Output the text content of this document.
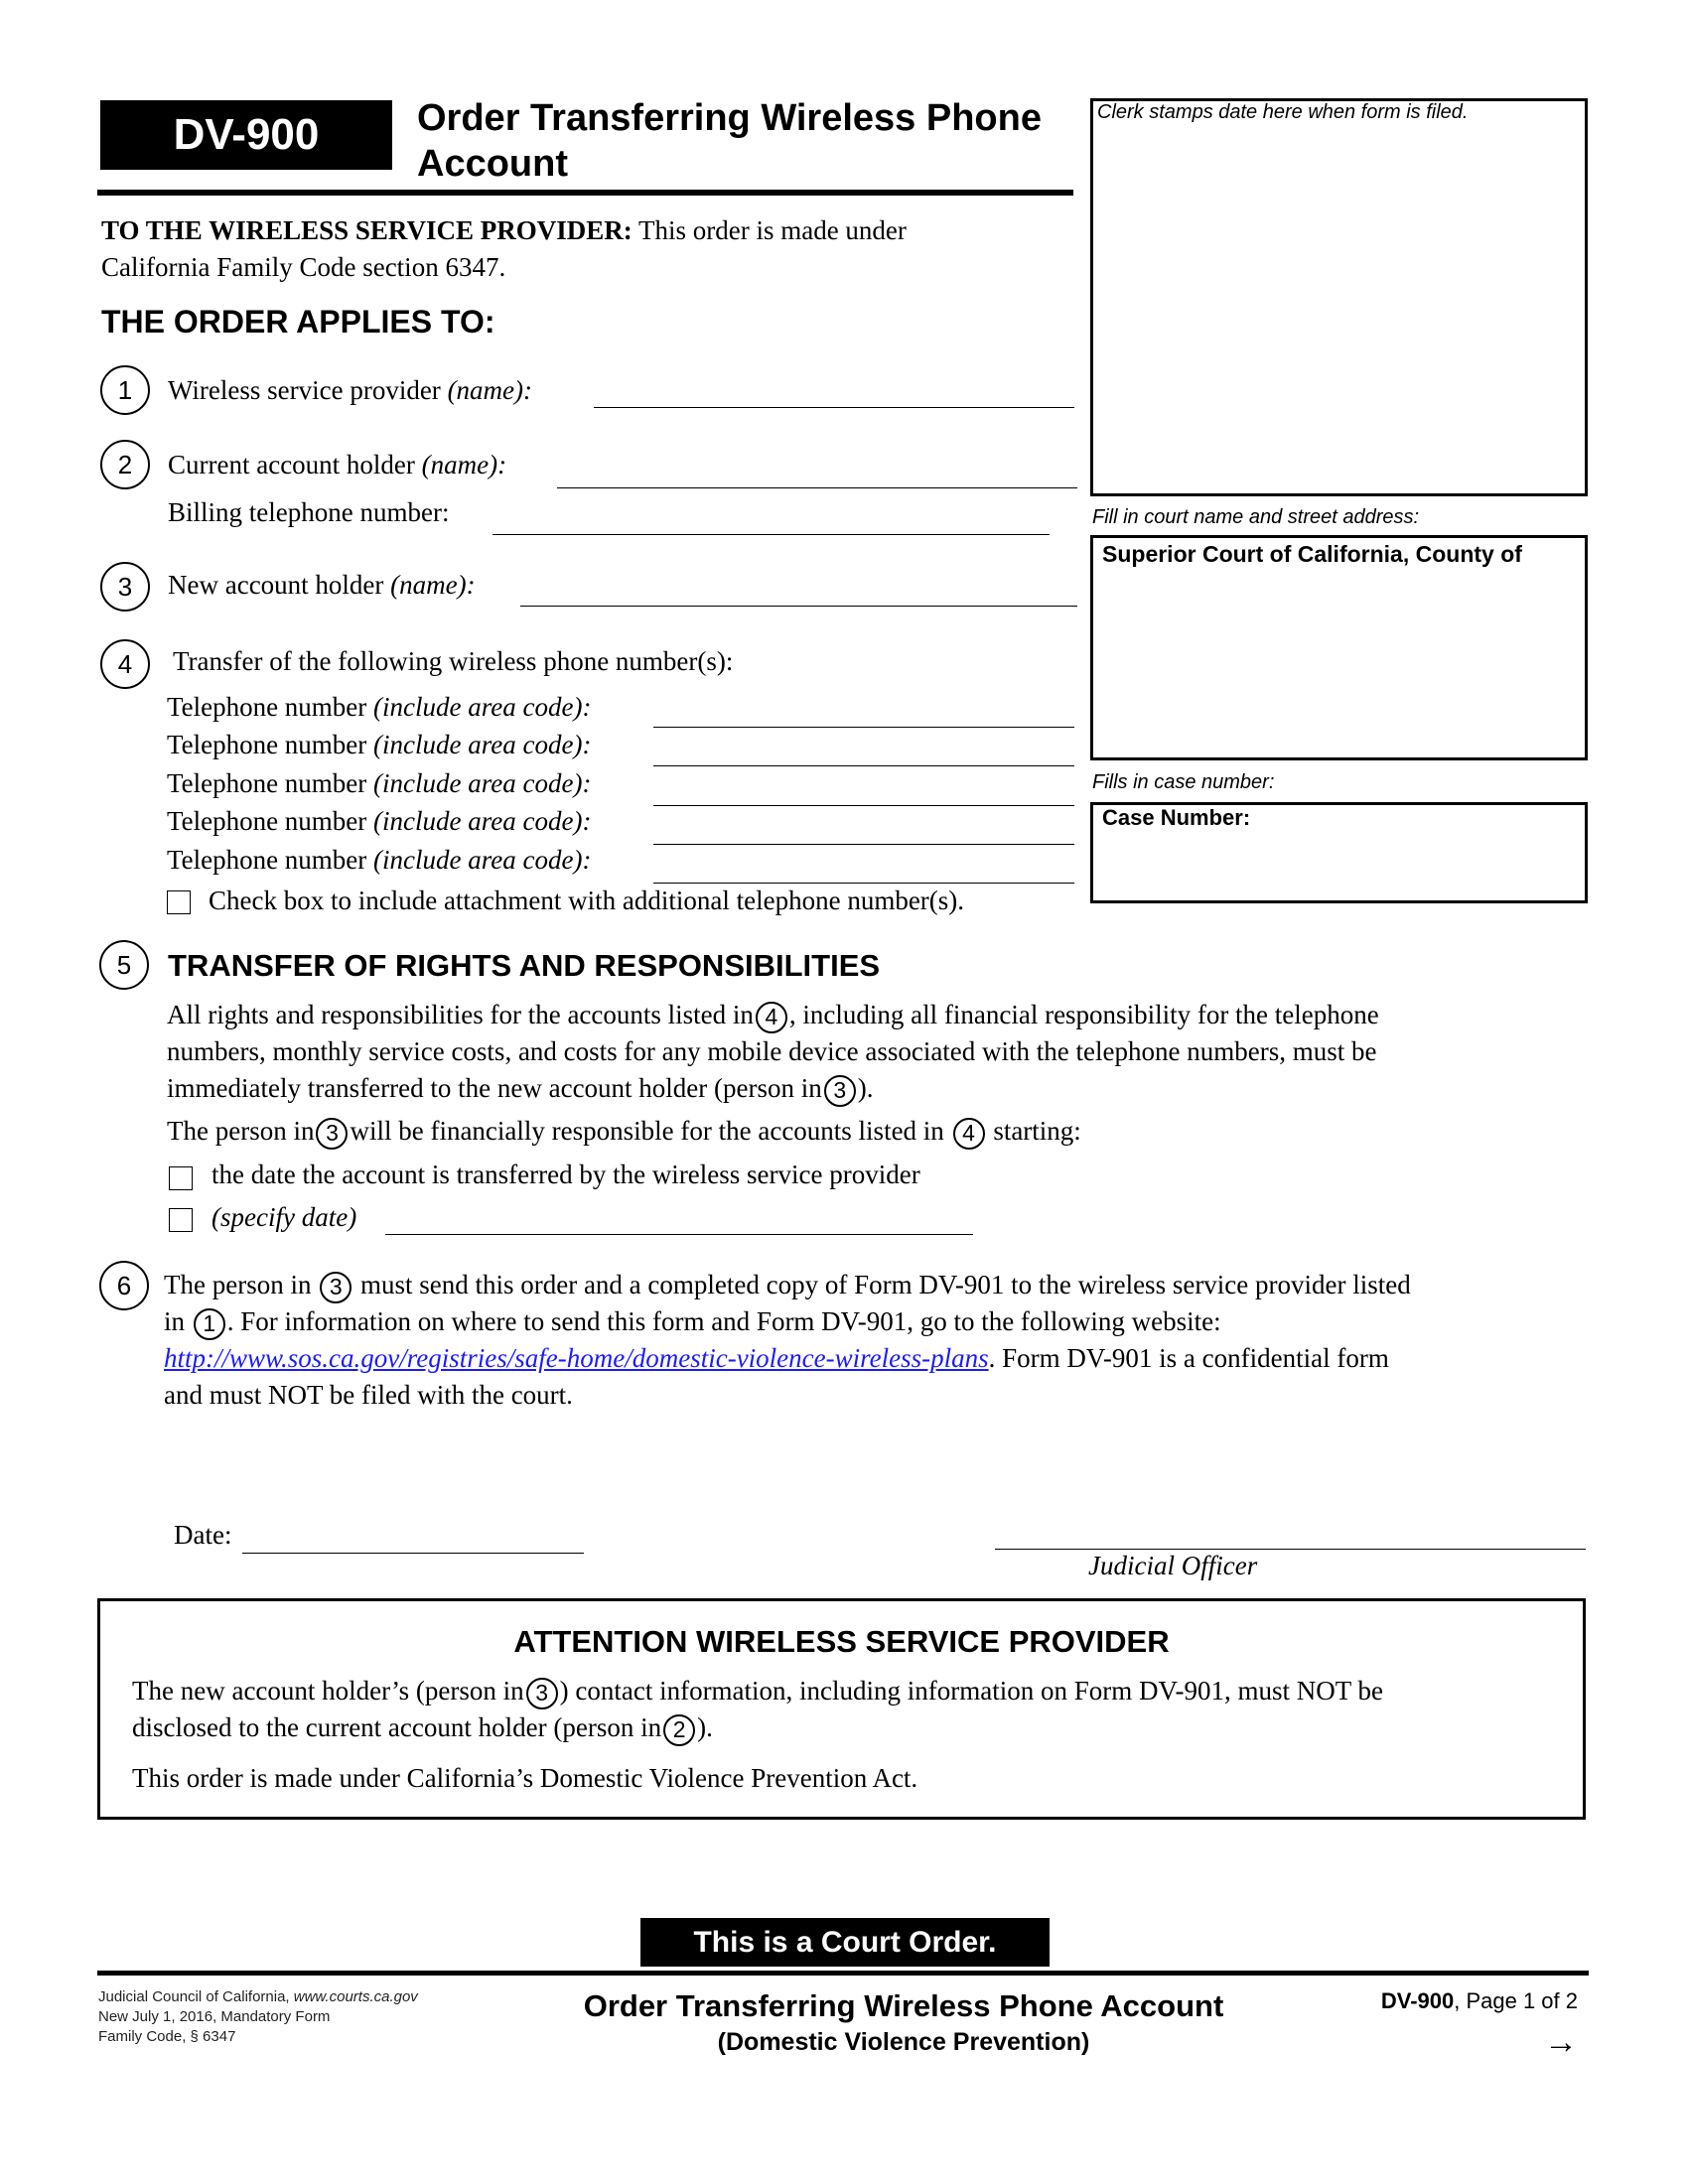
DV-900	Order Transferring Wireless Phone
Account
Clerk stamps date here when form is filed.
Fill in court name and street address:
Superior Court of California, County of
Fills in case number:
Case Number:
TO THE WIRELESS SERVICE PROVIDER: This order is made under
California Family Code section 6347.
THE ORDER APPLIES TO:
1	Wireless service provider (name):
2	Current account holder (name):
Billing telephone number:
3	New account holder (name):
4	Transfer of the following wireless phone number(s):
Telephone number (include area code):
Telephone number (include area code):
Telephone number (include area code):
Telephone number (include area code):
Telephone number (include area code):
Check box to include attachment with additional telephone number(s).
5	TRANSFER OF RIGHTS AND RESPONSIBILITIES
All rights and responsibilities for the accounts listed in 4 , including all financial responsibility for the telephone
numbers, monthly service costs, and costs for any mobile device associated with the telephone numbers, must be
immediately transferred to the new account holder (person in 3 ).
The person in 3 will be financially responsible for the accounts listed in 4 starting:
the date the account is transferred by the wireless service provider
(specify date)
6	The person in 3 must send this order and a completed copy of Form DV-901 to the wireless service provider listed
in 1 . For information on where to send this form and Form DV-901, go to the following website:
http://www.sos.ca.gov/registries/safe-home/domestic-violence-wireless-plans. Form DV-901 is a confidential form
and must NOT be filed with the court.
Date:
Judicial Officer
ATTENTION WIRELESS SERVICE PROVIDER
The new account holder’s (person in 3 ) contact information, including information on Form DV-901, must NOT be
disclosed to the current account holder (person in 2 ).
This order is made under California’s Domestic Violence Prevention Act.
This is a Court Order.
Judicial Council of California, www.courts.ca.gov
New July 1, 2016, Mandatory Form
Family Code, § 6347
Order Transferring Wireless Phone Account
(Domestic Violence Prevention)
DV-900, Page 1 of 2
→
